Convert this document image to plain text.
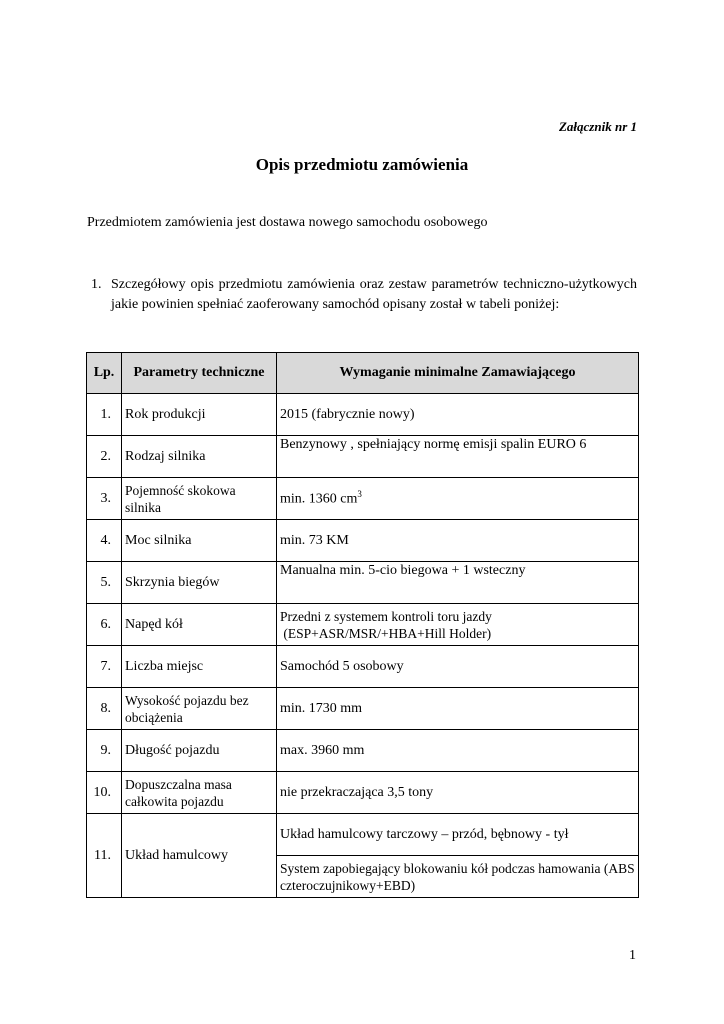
Załącznik nr 1
Opis przedmiotu zamówienia
Przedmiotem zamówienia jest dostawa nowego samochodu osobowego
1. Szczegółowy opis przedmiotu zamówienia oraz zestaw parametrów techniczno-użytkowych jakie powinien spełniać zaoferowany samochód opisany został w tabeli poniżej:
Lp.	Parametry techniczne	Wymaganie minimalne Zamawiającego
1.	Rok produkcji	2015 (fabrycznie nowy)
2.	Rodzaj silnika	Benzynowy , spełniający normę emisji spalin EURO 6
3.	Pojemność skokowa silnika	min. 1360 $cm^3$
4.	Moc silnika	min. 73 KM
5.	Skrzynia biegów	Manualna min. 5-cio biegowa + 1 wsteczny
6.	Napęd kół	Przedni z systemem kontroli toru jazdy
(ESP+ASR/MSR/+HBA+Hill Holder)

7.	Liczba miejsc	Samochód 5 osobowy
8.	Wysokość pojazdu bez obciążenia	min. 1730 mm
9.	Długość pojazdu	max. 3960 mm
10.	Dopuszczalna masa całkowita pojazdu	nie przekraczająca 3,5 tony
11.	Układ hamulcowy	Układ hamulcowy tarczowy – przód, bębnowy - tył
		System zapobiegający blokowaniu kół podczas hamowania (ABS czteroczujnikowy+EBD)
1
